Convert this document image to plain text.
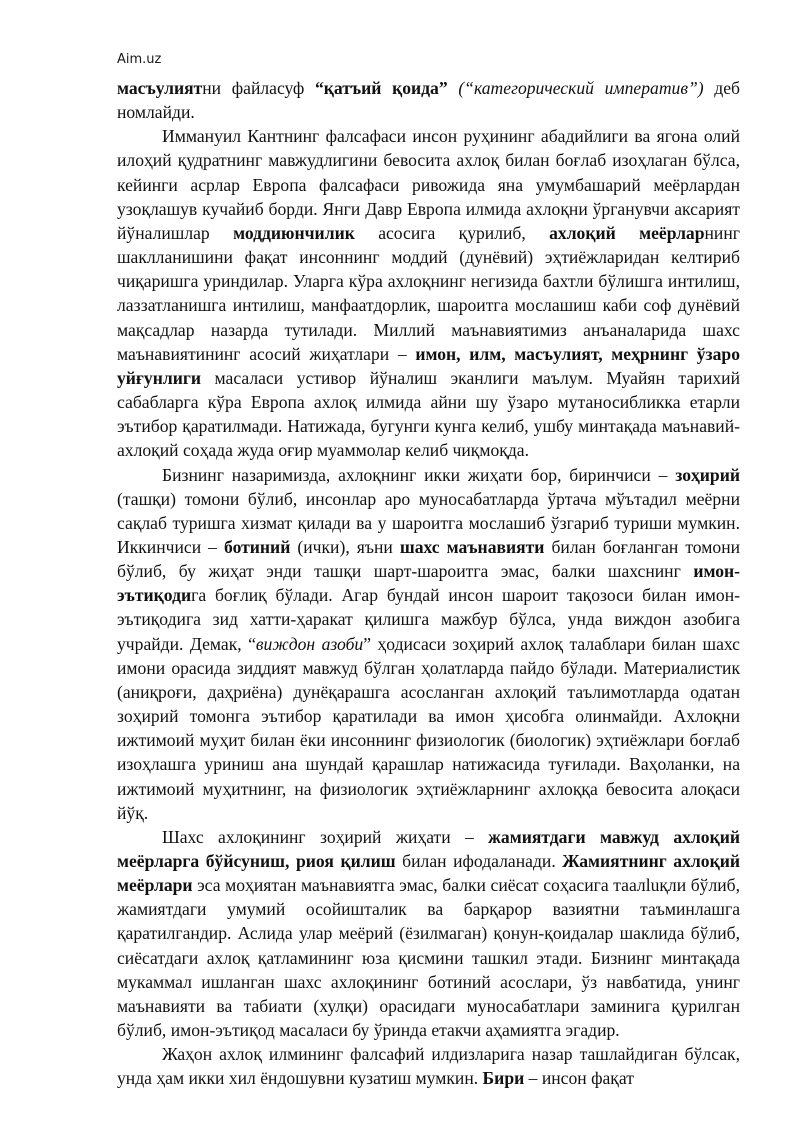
Aim.uz

масъулиятни файласуф “қатъий қоида” (“категорический императив”) деб номлайди.

Иммануил Кантнинг фалсафаси инсон руҳининг абадийлиги ва ягона олий илоҳий қудратнинг мавжудлигини бевосита ахлоқ билан боғлаб изоҳлаган бўлса, кейинги асрлар Европа фалсафаси ривожида яна умумбашарий меёрлардан узоқлашув кучайиб борди. Янги Давр Европа илмида ахлоқни ўрганувчи аксарият йўналишлар моддиюнчилик асосига қурилиб, ахлоқий меёрларнинг шаклланишини фақат инсоннинг моддий (дунёвий) эҳтиёжларидан келтириб чиқаришга уриндилар. Уларга кўра ахлоқнинг негизида бахтли бўлишга интилиш, лаззатланишга интилиш, манфаатдорлик, шароитга мослашиш каби соф дунёвий мақсадлар назарда тутилади. Миллий маънавиятимиз анъаналарида шахс маънавиятининг асосий жиҳатлари – имон, илм, масъулият, меҳрнинг ўзаро уйғунлиги масаласи устивор йўналиш эканлиги маълум. Муайян тарихий сабабларга кўра Европа ахлоқ илмида айни шу ўзаро мутаносибликка етарли эътибор қаратилмади. Натижада, бугунги кунга келиб, ушбу минтақада маънавий-ахлоқий соҳада жуда оғир муаммолар келиб чиқмоқда.

Бизнинг назаримизда, ахлоқнинг икки жиҳати бор, биринчиси – зоҳирий (ташқи) томони бўлиб, инсонлар аро муносабатларда ўртача мўътадил меёрни сақлаб туришга хизмат қилади ва у шароитга мослашиб ўзгариб туриши мумкин. Иккинчиси – ботиний (ички), яъни шахс маънавияти билан боғланган томони бўлиб, бу жиҳат энди ташқи шарт-шароитга эмас, балки шахснинг имон-эътиқодига боғлиқ бўлади. Агар бундай инсон шароит тақозоси билан имон-эътиқодига зид хатти-ҳаракат қилишга мажбур бўлса, унда виждон азобига учрайди. Демак, “виждон азоби” ҳодисаси зоҳирий ахлоқ талаблари билан шахс имони орасида зиддият мавжуд бўлган ҳолатларда пайдо бўлади. Материалистик (аниқроғи, даҳриёна) дунёқарашга асосланган ахлоқий таълимотларда одатан зоҳирий томонга эътибор қаратилади ва имон ҳисобга олинмайди. Ахлоқни ижтимоий муҳит билан ёки инсоннинг физиологик (биологик) эҳтиёжлари боғлаб изоҳлашга уриниш ана шундай қарашлар натижасида туғилади. Ваҳоланки, на ижтимоий муҳитнинг, на физиологик эҳтиёжларнинг ахлоққа бевосита алоқаси йўқ.

Шахс ахлоқининг зоҳирий жиҳати – жамиятдаги мавжуд ахлоқий меёрларга бўйсуниш, риоя қилиш билан ифодаланади. Жамиятнинг ахлоқий меёрлари эса моҳиятан маънавиятга эмас, балки сиёсат соҳасига таалluқли бўлиб, жамиятдаги умумий осойишталик ва барқарор вазиятни таъминлашга қаратилгандир. Аслида улар меёрий (ёзилмаган) қонун-қоидалар шаклида бўлиб, сиёсатдаги ахлоқ қатламининг юза қисмини ташкил этади. Бизнинг минтақада мукаммал ишланган шахс ахлоқининг ботиний асослари, ўз навбатида, унинг маънавияти ва табиати (хулқи) орасидаги муносабатлари заминига қурилган бўлиб, имон-эътиқод масаласи бу ўринда етакчи аҳамиятга эгадир.

Жаҳон ахлоқ илмининг фалсафий илдизларига назар ташлайдиган бўлсак, унда ҳам икки хил ёндошувни кузатиш мумкин. Бири – инсон фақат
